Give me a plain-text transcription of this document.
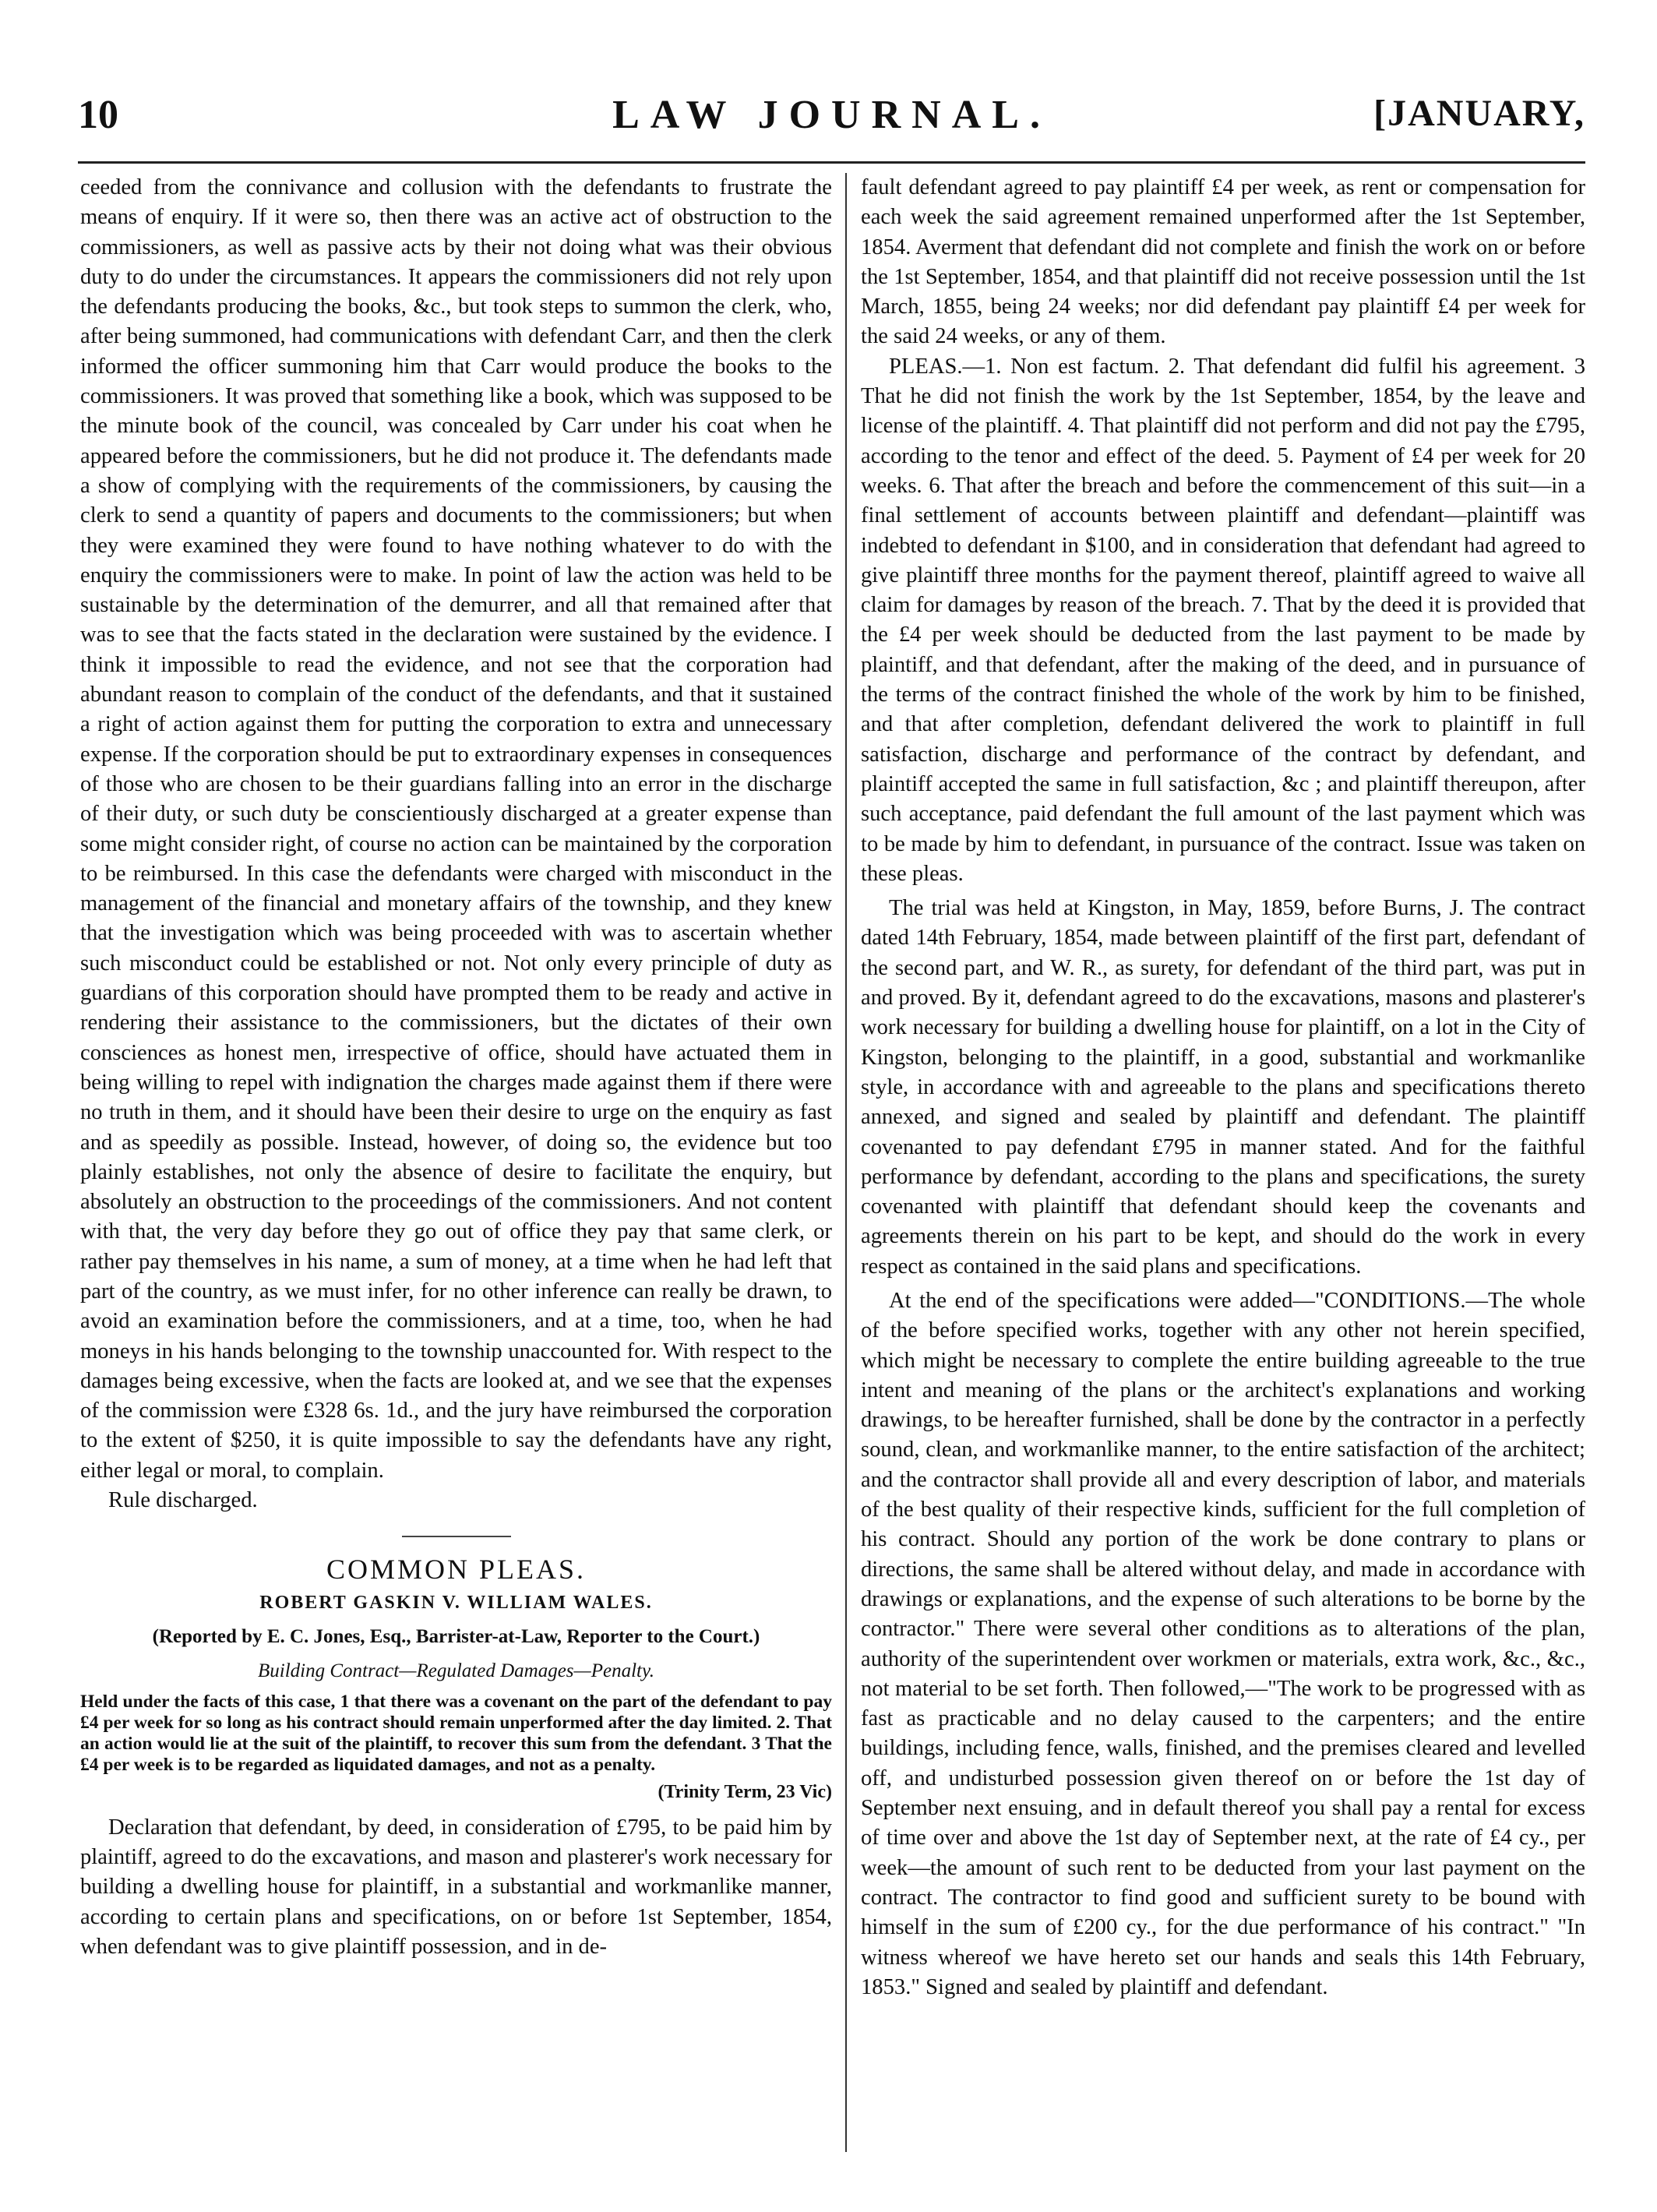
10	LAW JOURNAL.	[JANUARY,

ceeded from the connivance and collusion with the defendants to frustrate the means of enquiry. If it were so, then there was an active act of obstruction to the commissioners, as well as passive acts by their not doing what was their obvious duty to do under the circumstances. It appears the commissioners did not rely upon the defendants producing the books, &c., but took steps to summon the clerk, who, after being summoned, had communications with defendant Carr, and then the clerk informed the officer summoning him that Carr would produce the books to the commissioners. It was proved that something like a book, which was supposed to be the minute book of the council, was concealed by Carr under his coat when he appeared before the commissioners, but he did not produce it. The defendants made a show of complying with the requirements of the commissioners, by causing the clerk to send a quantity of papers and documents to the commissioners; but when they were examined they were found to have nothing whatever to do with the enquiry the commissioners were to make. In point of law the action was held to be sustainable by the determination of the demurrer, and all that remained after that was to see that the facts stated in the declaration were sustained by the evidence. I think it impossible to read the evidence, and not see that the corporation had abundant reason to complain of the conduct of the defendants, and that it sustained a right of action against them for putting the corporation to extra and unnecessary expense. If the corporation should be put to extraordinary expenses in consequences of those who are chosen to be their guardians falling into an error in the discharge of their duty, or such duty be conscientiously discharged at a greater expense than some might consider right, of course no action can be maintained by the corporation to be reimbursed. In this case the defendants were charged with misconduct in the management of the financial and monetary affairs of the township, and they knew that the investigation which was being proceeded with was to ascertain whether such misconduct could be established or not. Not only every principle of duty as guardians of this corporation should have prompted them to be ready and active in rendering their assistance to the commissioners, but the dictates of their own consciences as honest men, irrespective of office, should have actuated them in being willing to repel with indignation the charges made against them if there were no truth in them, and it should have been their desire to urge on the enquiry as fast and as speedily as possible. Instead, however, of doing so, the evidence but too plainly establishes, not only the absence of desire to facilitate the enquiry, but absolutely an obstruction to the proceedings of the commissioners. And not content with that, the very day before they go out of office they pay that same clerk, or rather pay themselves in his name, a sum of money, at a time when he had left that part of the country, as we must infer, for no other inference can really be drawn, to avoid an examination before the commissioners, and at a time, too, when he had moneys in his hands belonging to the township unaccounted for. With respect to the damages being excessive, when the facts are looked at, and we see that the expenses of the commission were £328 6s. 1d., and the jury have reimbursed the corporation to the extent of $250, it is quite impossible to say the defendants have any right, either legal or moral, to complain.

Rule discharged.

COMMON PLEAS.

ROBERT GASKIN V. WILLIAM WALES.

(Reported by E. C. Jones, Esq., Barrister-at-Law, Reporter to the Court.)

Building Contract—Regulated Damages—Penalty.

Held under the facts of this case, 1 that there was a covenant on the part of the defendant to pay £4 per week for so long as his contract should remain unperformed after the day limited. 2. That an action would lie at the suit of the plaintiff, to recover this sum from the defendant. 3 That the £4 per week is to be regarded as liquidated damages, and not as a penalty.

(Trinity Term, 23 Vic)

Declaration that defendant, by deed, in consideration of £795, to be paid him by plaintiff, agreed to do the excavations, and mason and plasterer's work necessary for building a dwelling house for plaintiff, in a substantial and workmanlike manner, according to certain plans and specifications, on or before 1st September, 1854, when defendant was to give plaintiff possession, and in de-

fault defendant agreed to pay plaintiff £4 per week, as rent or compensation for each week the said agreement remained unperformed after the 1st September, 1854. Averment that defendant did not complete and finish the work on or before the 1st September, 1854, and that plaintiff did not receive possession until the 1st March, 1855, being 24 weeks; nor did defendant pay plaintiff £4 per week for the said 24 weeks, or any of them.

PLEAS.—1. Non est factum. 2. That defendant did fulfil his agreement. 3 That he did not finish the work by the 1st September, 1854, by the leave and license of the plaintiff. 4. That plaintiff did not perform and did not pay the £795, according to the tenor and effect of the deed. 5. Payment of £4 per week for 20 weeks. 6. That after the breach and before the commencement of this suit—in a final settlement of accounts between plaintiff and defendant—plaintiff was indebted to defendant in $100, and in consideration that defendant had agreed to give plaintiff three months for the payment thereof, plaintiff agreed to waive all claim for damages by reason of the breach. 7. That by the deed it is provided that the £4 per week should be deducted from the last payment to be made by plaintiff, and that defendant, after the making of the deed, and in pursuance of the terms of the contract finished the whole of the work by him to be finished, and that after completion, defendant delivered the work to plaintiff in full satisfaction, discharge and performance of the contract by defendant, and plaintiff accepted the same in full satisfaction, &c ; and plaintiff thereupon, after such acceptance, paid defendant the full amount of the last payment which was to be made by him to defendant, in pursuance of the contract. Issue was taken on these pleas.

The trial was held at Kingston, in May, 1859, before Burns, J. The contract dated 14th February, 1854, made between plaintiff of the first part, defendant of the second part, and W. R., as surety, for defendant of the third part, was put in and proved. By it, defendant agreed to do the excavations, masons and plasterer's work necessary for building a dwelling house for plaintiff, on a lot in the City of Kingston, belonging to the plaintiff, in a good, substantial and workmanlike style, in accordance with and agreeable to the plans and specifications thereto annexed, and signed and sealed by plaintiff and defendant. The plaintiff covenanted to pay defendant £795 in manner stated. And for the faithful performance by defendant, according to the plans and specifications, the surety covenanted with plaintiff that defendant should keep the covenants and agreements therein on his part to be kept, and should do the work in every respect as contained in the said plans and specifications.

At the end of the specifications were added—"CONDITIONS.—The whole of the before specified works, together with any other not herein specified, which might be necessary to complete the entire building agreeable to the true intent and meaning of the plans or the architect's explanations and working drawings, to be hereafter furnished, shall be done by the contractor in a perfectly sound, clean, and workmanlike manner, to the entire satisfaction of the architect; and the contractor shall provide all and every description of labor, and materials of the best quality of their respective kinds, sufficient for the full completion of his contract. Should any portion of the work be done contrary to plans or directions, the same shall be altered without delay, and made in accordance with drawings or explanations, and the expense of such alterations to be borne by the contractor." There were several other conditions as to alterations of the plan, authority of the superintendent over workmen or materials, extra work, &c., &c., not material to be set forth. Then followed,—"The work to be progressed with as fast as practicable and no delay caused to the carpenters; and the entire buildings, including fence, walls, finished, and the premises cleared and levelled off, and undisturbed possession given thereof on or before the 1st day of September next ensuing, and in default thereof you shall pay a rental for excess of time over and above the 1st day of September next, at the rate of £4 cy., per week—the amount of such rent to be deducted from your last payment on the contract. The contractor to find good and sufficient surety to be bound with himself in the sum of £200 cy., for the due performance of his contract." "In witness whereof we have hereto set our hands and seals this 14th February, 1853." Signed and sealed by plaintiff and defendant.
